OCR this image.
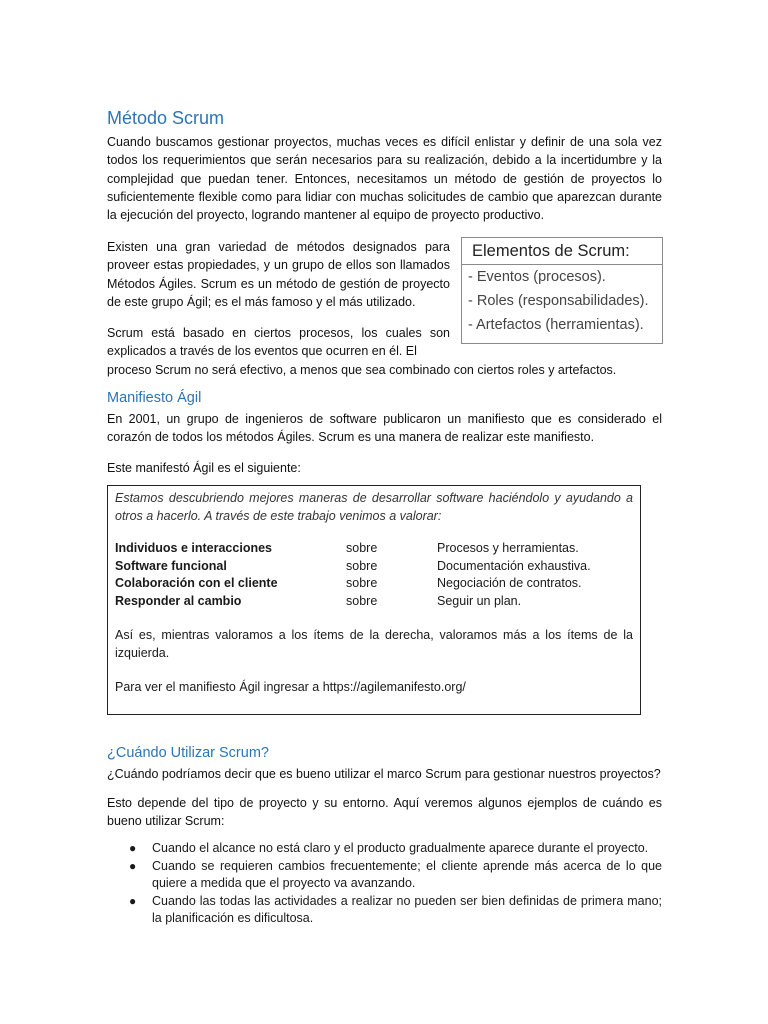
Método Scrum

Cuando buscamos gestionar proyectos, muchas veces es difícil enlistar y definir de una sola vez todos los requerimientos que serán necesarios para su realización, debido a la incertidumbre y la complejidad que puedan tener. Entonces, necesitamos un método de gestión de proyectos lo suficientemente flexible como para lidiar con muchas solicitudes de cambio que aparezcan durante la ejecución del proyecto, logrando mantener al equipo de proyecto productivo.

Existen una gran variedad de métodos designados para proveer estas propiedades, y un grupo de ellos son llamados Métodos Ágiles. Scrum es un método de gestión de proyecto de este grupo Ágil; es el más famoso y el más utilizado.

Scrum está basado en ciertos procesos, los cuales son explicados a través de los eventos que ocurren en él. El

proceso Scrum no será efectivo, a menos que sea combinado con ciertos roles y artefactos.

Elementos de Scrum:
- Eventos (procesos).
- Roles (responsabilidades).
- Artefactos (herramientas).
Manifiesto Ágil

En 2001, un grupo de ingenieros de software publicaron un manifiesto que es considerado el corazón de todos los métodos Ágiles. Scrum es una manera de realizar este manifiesto.

Este manifestó Ágil es el siguiente:

Estamos descubriendo mejores maneras de desarrollar software haciéndolo y ayudando a otros a hacerlo. A través de este trabajo venimos a valorar:
Individuos e interacciones	sobre	Procesos y herramientas.
Software funcional	sobre	Documentación exhaustiva.
Colaboración con el cliente	sobre	Negociación de contratos.
Responder al cambio	sobre	Seguir un plan.
Así es, mientras valoramos a los ítems de la derecha, valoramos más a los ítems de la izquierda.
Para ver el manifiesto Ágil ingresar a https://agilemanifesto.org/
¿Cuándo Utilizar Scrum?

¿Cuándo podríamos decir que es bueno utilizar el marco Scrum para gestionar nuestros proyectos?

Esto depende del tipo de proyecto y su entorno. Aquí veremos algunos ejemplos de cuándo es bueno utilizar Scrum:

● Cuando el alcance no está claro y el producto gradualmente aparece durante el proyecto.
● Cuando se requieren cambios frecuentemente; el cliente aprende más acerca de lo que quiere a medida que el proyecto va avanzando.
● Cuando las todas las actividades a realizar no pueden ser bien definidas de primera mano; la planificación es dificultosa.
